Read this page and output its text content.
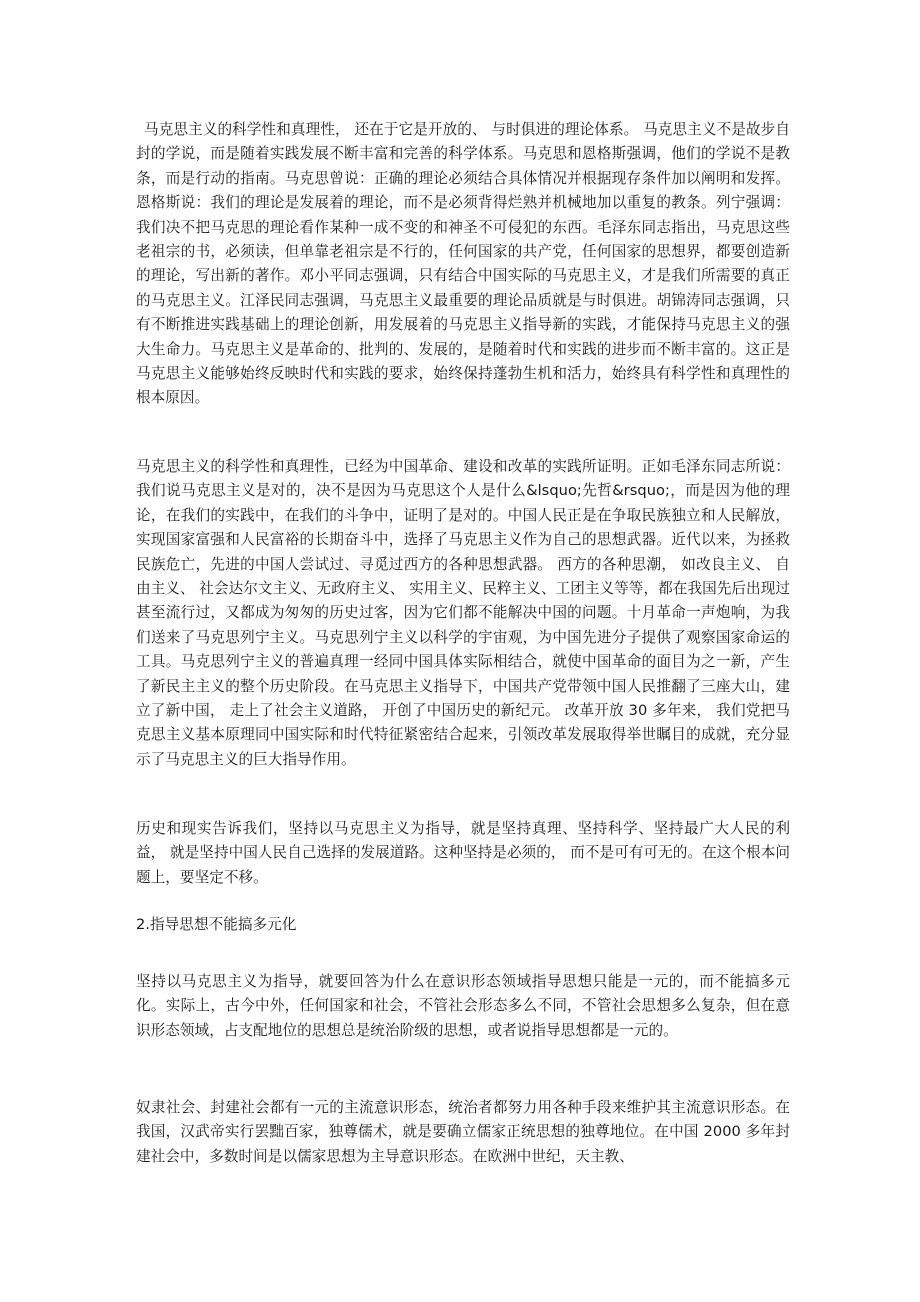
马克思主义的科学性和真理性， 还在于它是开放的、 与时俱进的理论体系。 马克思主义不是故步自封的学说，而是随着实践发展不断丰富和完善的科学体系。马克思和恩格斯强调，他们的学说不是教条，而是行动的指南。马克思曾说：正确的理论必须结合具体情况并根据现存条件加以阐明和发挥。恩格斯说：我们的理论是发展着的理论，而不是必须背得烂熟并机械地加以重复的教条。列宁强调：我们决不把马克思的理论看作某种一成不变的和神圣不可侵犯的东西。毛泽东同志指出，马克思这些老祖宗的书，必须读，但单靠老祖宗是不行的，任何国家的共产党，任何国家的思想界，都要创造新的理论，写出新的著作。邓小平同志强调，只有结合中国实际的马克思主义，才是我们所需要的真正的马克思主义。江泽民同志强调，马克思主义最重要的理论品质就是与时俱进。胡锦涛同志强调，只有不断推进实践基础上的理论创新，用发展着的马克思主义指导新的实践，才能保持马克思主义的强大生命力。马克思主义是革命的、批判的、发展的，是随着时代和实践的进步而不断丰富的。这正是马克思主义能够始终反映时代和实践的要求，始终保持蓬勃生机和活力，始终具有科学性和真理性的根本原因。

马克思主义的科学性和真理性，已经为中国革命、建设和改革的实践所证明。正如毛泽东同志所说：我们说马克思主义是对的，决不是因为马克思这个人是什么&lsquo;先哲&rsquo;，而是因为他的理论，在我们的实践中，在我们的斗争中，证明了是对的。中国人民正是在争取民族独立和人民解放，实现国家富强和人民富裕的长期奋斗中，选择了马克思主义作为自己的思想武器。近代以来，为拯救民族危亡，先进的中国人尝试过、寻觅过西方的各种思想武器。 西方的各种思潮， 如改良主义、 自由主义、 社会达尔文主义、无政府主义、 实用主义、民粹主义、工团主义等等，都在我国先后出现过甚至流行过，又都成为匆匆的历史过客，因为它们都不能解决中国的问题。十月革命一声炮响，为我们送来了马克思列宁主义。马克思列宁主义以科学的宇宙观，为中国先进分子提供了观察国家命运的工具。马克思列宁主义的普遍真理一经同中国具体实际相结合，就使中国革命的面目为之一新，产生了新民主主义的整个历史阶段。在马克思主义指导下，中国共产党带领中国人民推翻了三座大山，建立了新中国， 走上了社会主义道路， 开创了中国历史的新纪元。 改革开放 30 多年来， 我们党把马克思主义基本原理同中国实际和时代特征紧密结合起来，引领改革发展取得举世瞩目的成就，充分显示了马克思主义的巨大指导作用。

历史和现实告诉我们，坚持以马克思主义为指导，就是坚持真理、坚持科学、坚持最广大人民的利益， 就是坚持中国人民自己选择的发展道路。这种坚持是必须的， 而不是可有可无的。在这个根本问题上，要坚定不移。

2.指导思想不能搞多元化

坚持以马克思主义为指导，就要回答为什么在意识形态领域指导思想只能是一元的，而不能搞多元化。实际上，古今中外，任何国家和社会，不管社会形态多么不同，不管社会思想多么复杂，但在意识形态领域，占支配地位的思想总是统治阶级的思想，或者说指导思想都是一元的。

奴隶社会、封建社会都有一元的主流意识形态，统治者都努力用各种手段来维护其主流意识形态。在我国，汉武帝实行罢黜百家，独尊儒术，就是要确立儒家正统思想的独尊地位。在中国 2000 多年封建社会中，多数时间是以儒家思想为主导意识形态。在欧洲中世纪，天主教、
